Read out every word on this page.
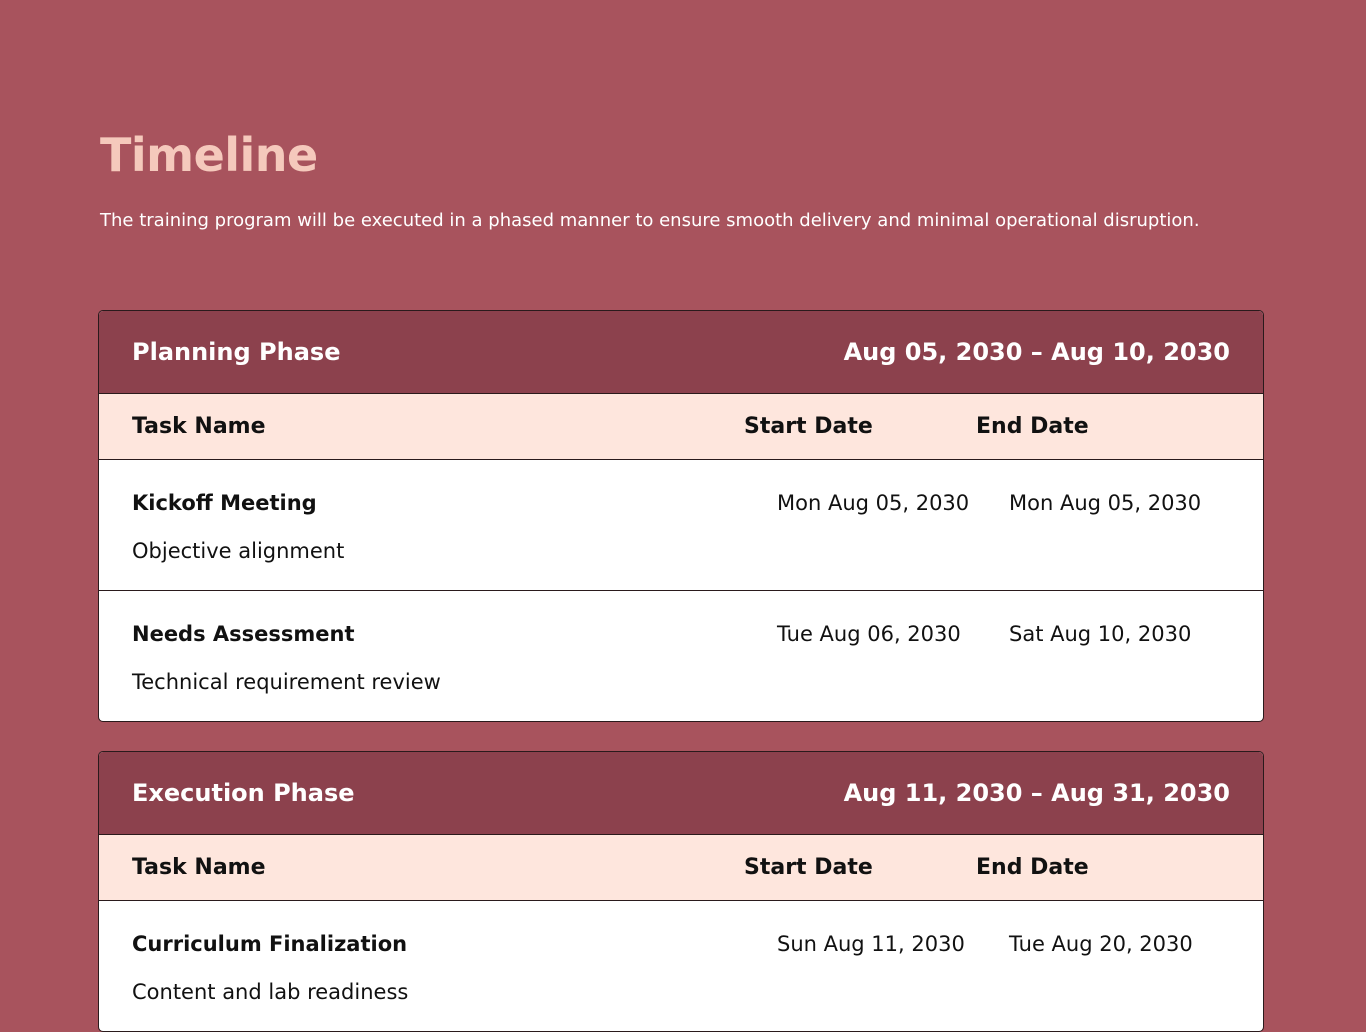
Timeline

The training program will be executed in a phased manner to ensure smooth delivery and minimal operational disruption.

Planning Phase	Aug 05, 2030 – Aug 10, 2030
Task Name	Start Date	End Date
Kickoff Meeting
Objective alignment
Mon Aug 05, 2030 Mon Aug 05, 2030
Needs Assessment
Technical requirement review
Tue Aug 06, 2030 Sat Aug 10, 2030
Execution Phase	Aug 11, 2030 – Aug 31, 2030
Task Name	Start Date	End Date
Curriculum Finalization
Content and lab readiness
Sun Aug 11, 2030 Tue Aug 20, 2030
